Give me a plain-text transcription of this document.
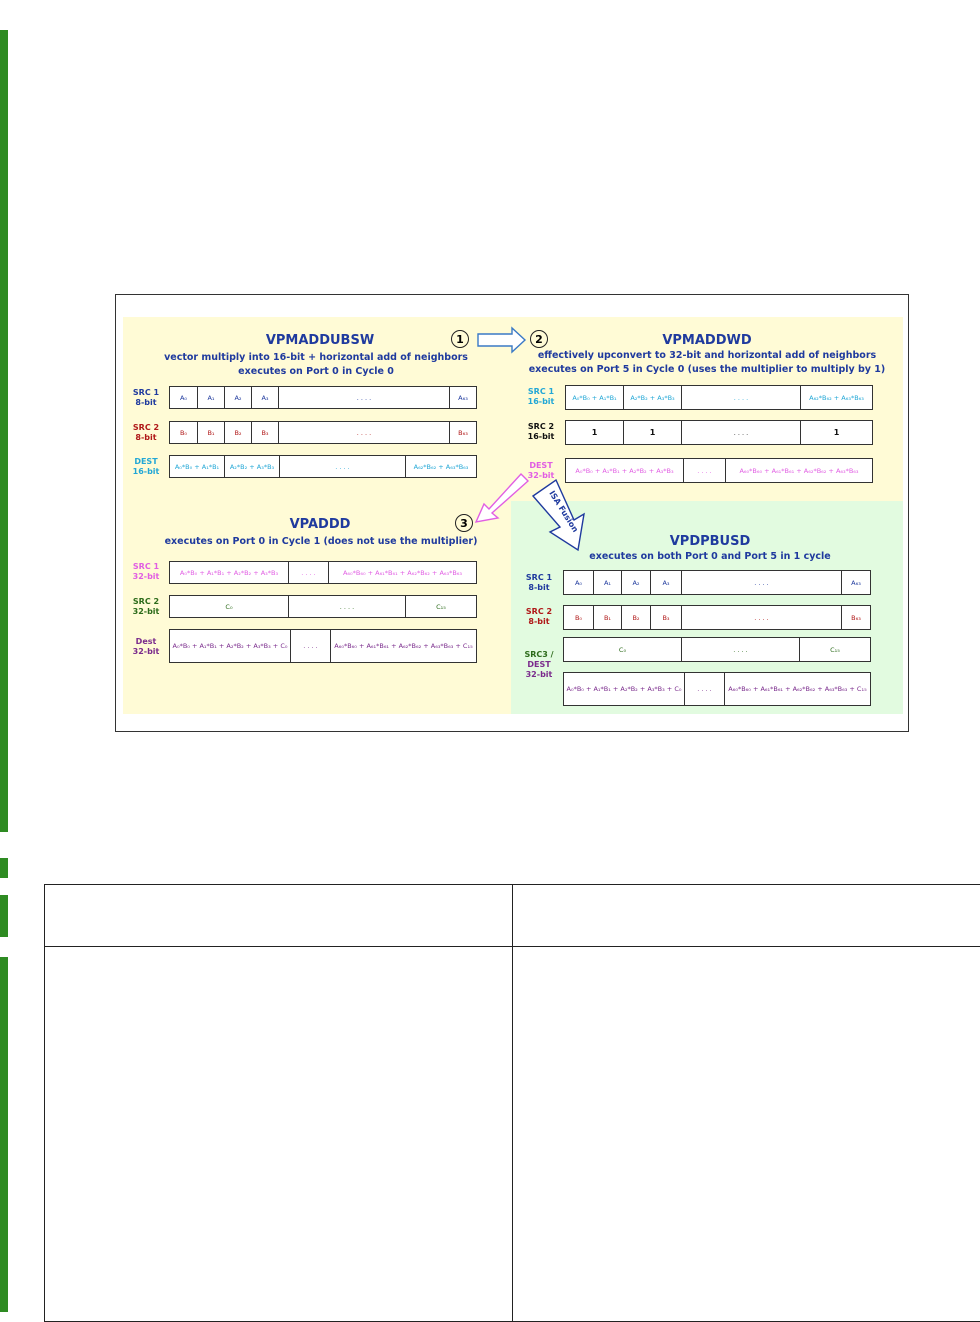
ISA Fusion
1	2
3
VPMADDUBSW
vector multiply into 16-bit + horizontal add of neighbors
executes on Port 0 in Cycle 0
SRC 1
8-bit
A₀	A₁	A₂	A₃	. . . .	A₆₃
SRC 2
8-bit
B₀	B₁	B₂	B₃	. . . .	B₆₃
DEST
16-bit
A₀*B₀ + A₁*B₁	A₂*B₂ + A₃*B₃	. . . .	A₆₂*B₆₂ + A₆₃*B₆₃
VPMADDWD
effectively upconvert to 32-bit and horizontal add of neighbors
executes on Port 5 in Cycle 0 (uses the multiplier to multiply by 1)
SRC 1
16-bit	A₀*B₀ + A₁*B₁	A₂*B₂ + A₃*B₃	. . . .	A₆₂*B₆₂ + A₆₃*B₆₃
SRC 2
16-bit	1	1	. . . .	1
DEST
32-bit
A₀*B₀ + A₁*B₁ + A₂*B₂ + A₃*B₃	. . . .	A₆₀*B₆₀ + A₆₁*B₆₁ + A₆₂*B₆₂ + A₆₃*B₆₃
VPADDD
executes on Port 0 in Cycle 1 (does not use the multiplier)
SRC 1
32-bit	A₀*B₀ + A₁*B₁ + A₂*B₂ + A₃*B₃	. . . .	A₆₀*B₆₀ + A₆₁*B₆₁ + A₆₂*B₆₂ + A₆₃*B₆₃
SRC 2
32-bit
C₀	. . . .	C₁₅
Dest
32-bit
A₀*B₀ + A₁*B₁ + A₂*B₂ + A₃*B₃ + C₀	. . . .	A₆₀*B₆₀ + A₆₁*B₆₁ + A₆₂*B₆₂ + A₆₃*B₆₃ + C₁₅
VPDPBUSD
executes on both Port 0 and Port 5 in 1 cycle
SRC 1
8-bit
A₀	A₁	A₂	A₃	. . . .	A₆₃
SRC 2
8-bit	B₀	B₁	B₂	B₃	. . . .	B₆₃
SRC3 /
DEST
32-bit
C₀	. . . .	C₁₅
A₀*B₀ + A₁*B₁ + A₂*B₂ + A₃*B₃ + C₀	. . . .	A₆₀*B₆₀ + A₆₁*B₆₁ + A₆₂*B₆₂ + A₆₃*B₆₃ + C₁₅
